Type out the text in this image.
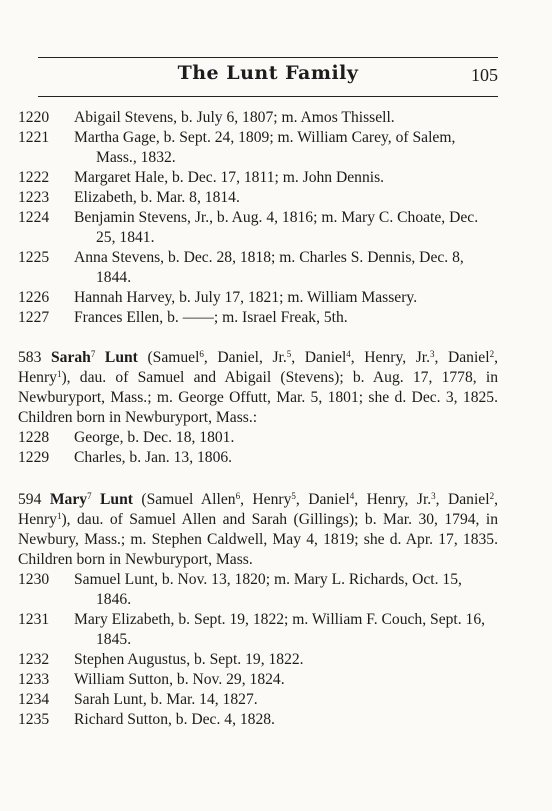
The Lunt Family	105

1220	Abigail Stevens, b. July 6, 1807; m. Amos Thissell.

1221	Martha Gage, b. Sept. 24, 1809; m. William Carey, of Salem, Mass., 1832.

1222	Margaret Hale, b. Dec. 17, 1811; m. John Dennis.

1223	Elizabeth, b. Mar. 8, 1814.

1224	Benjamin Stevens, Jr., b. Aug. 4, 1816; m. Mary C. Choate, Dec. 25, 1841.

1225	Anna Stevens, b. Dec. 28, 1818; m. Charles S. Dennis, Dec. 8, 1844.

1226	Hannah Harvey, b. July 17, 1821; m. William Massery.

1227	Frances Ellen, b. ——; m. Israel Freak, 5th.

583 Sarah$^7$ Lunt (Samuel$^6$, Daniel, Jr.$^5$, Daniel$^4$, Henry, Jr.$^3$, Daniel$^2$, Henry$^1$), dau. of Samuel and Abigail (Stevens); b. Aug. 17, 1778, in Newburyport, Mass.; m. George Offutt, Mar. 5, 1801; she d. Dec. 3, 1825. Children born in Newburyport, Mass.:

1228	George, b. Dec. 18, 1801.

1229	Charles, b. Jan. 13, 1806.

594 Mary$^7$ Lunt (Samuel Allen$^6$, Henry$^5$, Daniel$^4$, Henry, Jr.$^3$, Daniel$^2$, Henry$^1$), dau. of Samuel Allen and Sarah (Gillings); b. Mar. 30, 1794, in Newbury, Mass.; m. Stephen Caldwell, May 4, 1819; she d. Apr. 17, 1835. Children born in Newburyport, Mass.

1230	Samuel Lunt, b. Nov. 13, 1820; m. Mary L. Richards, Oct. 15, 1846.

1231	Mary Elizabeth, b. Sept. 19, 1822; m. William F. Couch, Sept. 16, 1845.

1232	Stephen Augustus, b. Sept. 19, 1822.

1233	William Sutton, b. Nov. 29, 1824.

1234	Sarah Lunt, b. Mar. 14, 1827.

1235	Richard Sutton, b. Dec. 4, 1828.
